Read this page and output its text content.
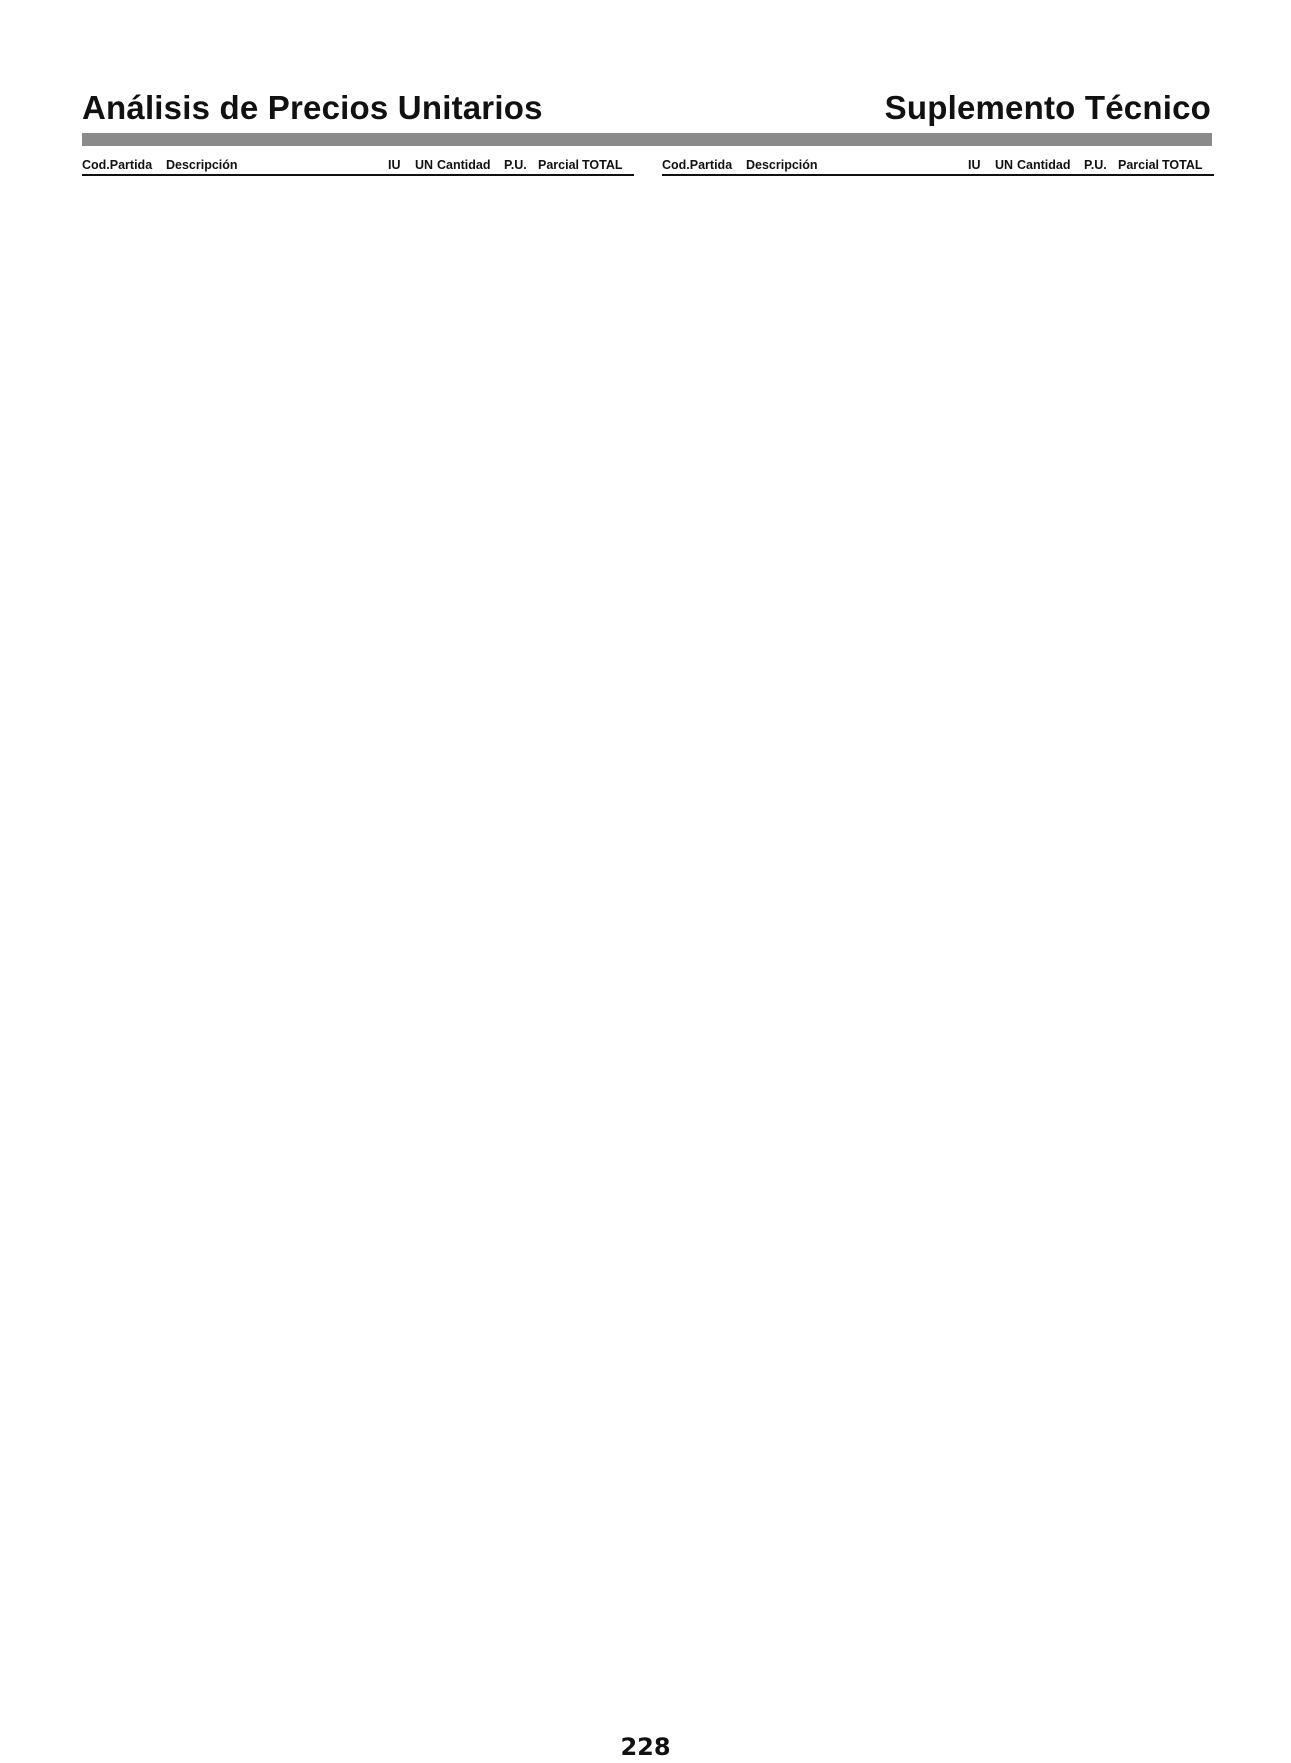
Análisis de Precios Unitarios	Suplemento Técnico
Cod.Partida Descripción	IU UN Cantidad P.U. Parcial TOTAL	Cod.Partida Descripción	IU UN Cantidad P.U. Parcial TOTAL
228
